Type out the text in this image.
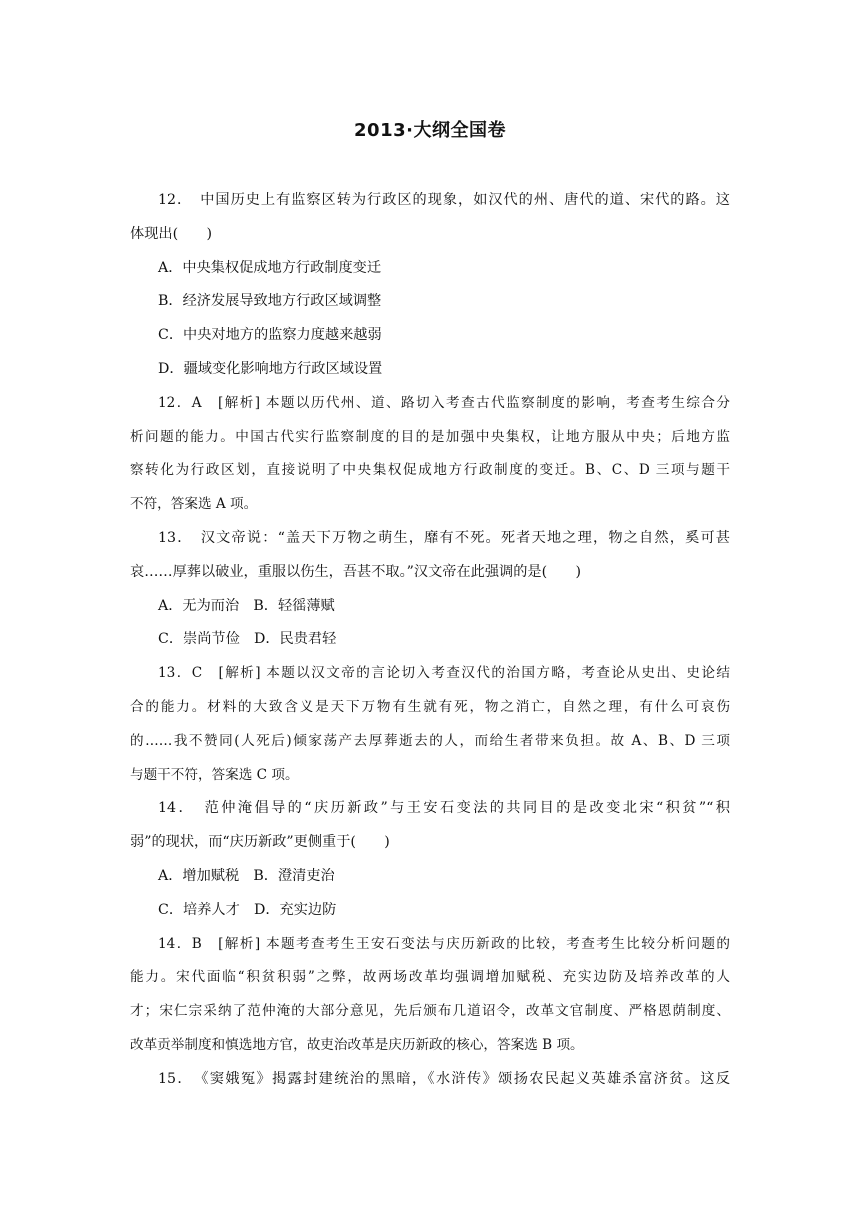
2013·大纲全国卷
12．　中国历史上有监察区转为行政区的现象，如汉代的州、唐代的道、宋代的路。这
体现出(　　)
A．中央集权促成地方行政制度变迁
B．经济发展导致地方行政区域调整
C．中央对地方的监察力度越来越弱
D．疆域变化影响地方行政区域设置
12．A　[解析] 本题以历代州、道、路切入考查古代监察制度的影响，考查考生综合分
析问题的能力。中国古代实行监察制度的目的是加强中央集权，让地方服从中央；后地方监
察转化为行政区划，直接说明了中央集权促成地方行政制度的变迁。B、C、D 三项与题干
不符，答案选 A 项。
13．　汉文帝说：“盖天下万物之萌生，靡有不死。死者天地之理，物之自然，奚可甚
哀……厚葬以破业，重服以伤生，吾甚不取。”汉文帝在此强调的是(　　)
A．无为而治　B．轻徭薄赋
C．崇尚节俭　D．民贵君轻
13．C　[解析] 本题以汉文帝的言论切入考查汉代的治国方略，考查论从史出、史论结
合的能力。材料的大致含义是天下万物有生就有死，物之消亡，自然之理，有什么可哀伤
的……我不赞同(人死后)倾家荡产去厚葬逝去的人，而给生者带来负担。故 A、B、D 三项
与题干不符，答案选 C 项。
14．　范仲淹倡导的“庆历新政”与王安石变法的共同目的是改变北宋“积贫”“积
弱”的现状，而“庆历新政”更侧重于(　　)
A．增加赋税　B．澄清吏治
C．培养人才　D．充实边防
14．B　[解析] 本题考查考生王安石变法与庆历新政的比较，考查考生比较分析问题的
能力。宋代面临“积贫积弱”之弊，故两场改革均强调增加赋税、充实边防及培养改革的人
才；宋仁宗采纳了范仲淹的大部分意见，先后颁布几道诏令，改革文官制度、严格恩荫制度、
改革贡举制度和慎选地方官，故吏治改革是庆历新政的核心，答案选 B 项。
15．　《窦娥冤》揭露封建统治的黑暗，《水浒传》颂扬农民起义英雄杀富济贫。这反
